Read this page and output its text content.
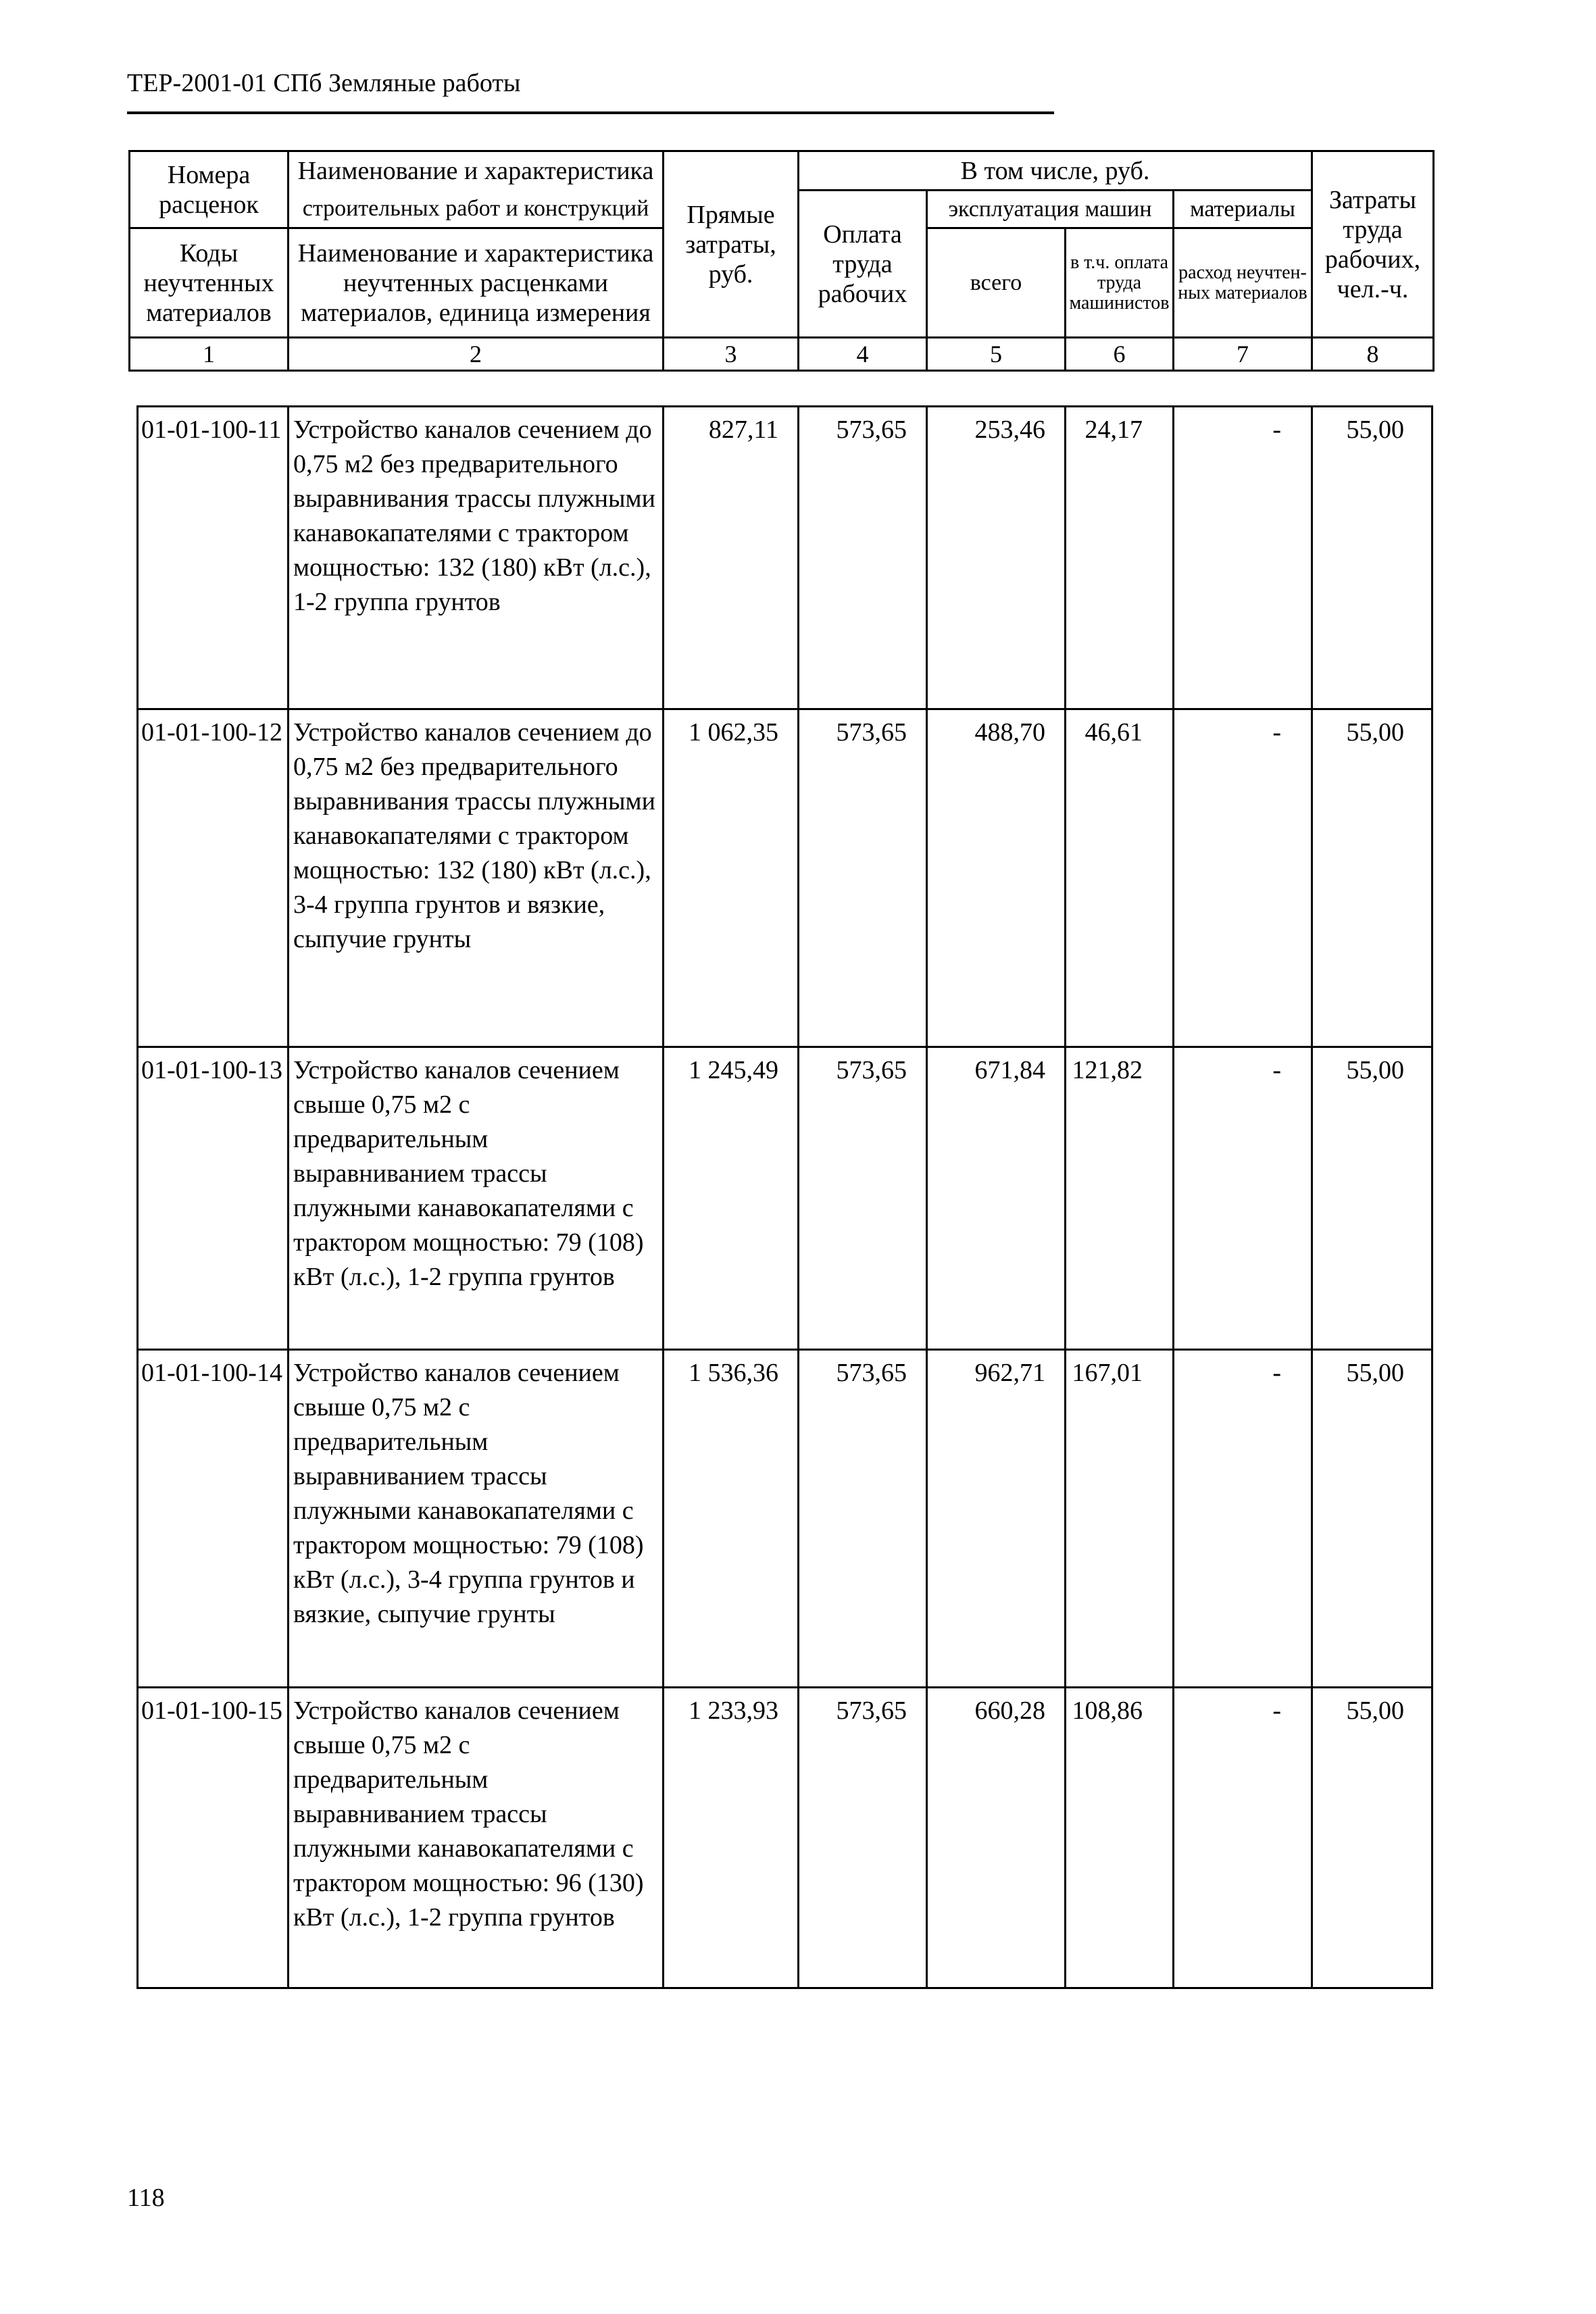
ТЕР-2001-01 СПб Земляные работы
Номера расценок	Наименование и характеристика	Прямые затраты, руб.	В том числе, руб.				Затраты труда рабочих, чел.-ч.
	строительных работ и конструкций		Оплата труда рабочих	эксплуатация машин		материалы	
Коды неучтенных материалов	Наименование и характеристика неучтенных расценками материалов, единица измерения			всего	в т.ч. оплата труда машинистов	расход неучтен-ных материалов	

1	2	3	4	5	6	7	8
01-01-100-11	Устройство каналов сечением до 0,75 м2 без предварительного выравнивания трассы плужными канавокапателями с трактором мощностью: 132 (180) кВт (л.с.), 1-2 группа грунтов	827,11	573,65	253,46	24,17	-	55,00
01-01-100-12	Устройство каналов сечением до 0,75 м2 без предварительного выравнивания трассы плужными канавокапателями с трактором мощностью: 132 (180) кВт (л.с.), 3-4 группа грунтов и вязкие, сыпучие грунты	1 062,35	573,65	488,70	46,61	-	55,00
01-01-100-13	Устройство каналов сечением свыше 0,75 м2 с предварительным выравниванием трассы плужными канавокапателями с трактором мощностью: 79 (108) кВт (л.с.), 1-2 группа грунтов	1 245,49	573,65	671,84	121,82	-	55,00
01-01-100-14	Устройство каналов сечением свыше 0,75 м2 с предварительным выравниванием трассы плужными канавокапателями с трактором мощностью: 79 (108) кВт (л.с.), 3-4 группа грунтов и вязкие, сыпучие грунты	1 536,36	573,65	962,71	167,01	-	55,00
01-01-100-15	Устройство каналов сечением свыше 0,75 м2 с предварительным выравниванием трассы плужными канавокапателями с трактором мощностью: 96 (130) кВт (л.с.), 1-2 группа грунтов	1 233,93	573,65	660,28	108,86	-	55,00
118
